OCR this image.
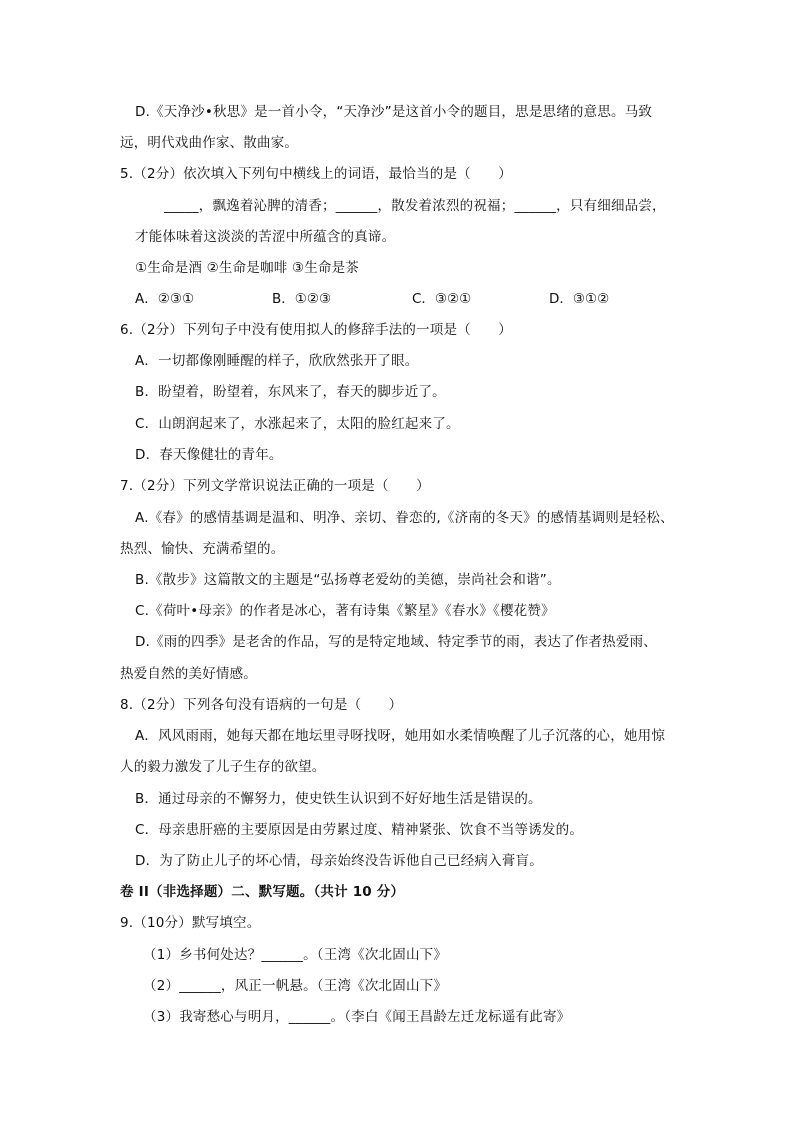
D.《天净沙•秋思》是一首小令，“天净沙”是这首小令的题目，思是思绪的意思。马致
远，明代戏曲作家、散曲家。
5.（2分）依次填入下列句中横线上的词语，最恰当的是（　　）
_____，飘逸着沁脾的清香；______，散发着浓烈的祝福；______，只有细细品尝，
才能体味着这淡淡的苦涩中所蕴含的真谛。
①生命是酒 ②生命是咖啡 ③生命是茶
A．②③①	B．①②③	C．③②①	D．③①②
6.（2分）下列句子中没有使用拟人的修辞手法的一项是（　　）
A．一切都像刚睡醒的样子，欣欣然张开了眼。
B．盼望着，盼望着，东风来了，春天的脚步近了。
C．山朗润起来了，水涨起来了，太阳的脸红起来了。
D．春天像健壮的青年。
7.（2分）下列文学常识说法正确的一项是（　　）
A.《春》的感情基调是温和、明净、亲切、眷恋的,《济南的冬天》的感情基调则是轻松、
热烈、愉快、充满希望的。
B.《散步》这篇散文的主题是“弘扬尊老爱幼的美德，崇尚社会和谐”。
C.《荷叶•母亲》的作者是冰心，著有诗集《繁星》《春水》《樱花赞》
D.《雨的四季》是老舍的作品，写的是特定地域、特定季节的雨，表达了作者热爱雨、
热爱自然的美好情感。
8.（2分）下列各句没有语病的一句是（　　）
A．风风雨雨，她每天都在地坛里寻呀找呀，她用如水柔情唤醒了儿子沉落的心，她用惊
人的毅力激发了儿子生存的欲望。
B．通过母亲的不懈努力，使史铁生认识到不好好地生活是错误的。
C．母亲患肝癌的主要原因是由劳累过度、精神紧张、饮食不当等诱发的。
D．为了防止儿子的坏心情，母亲始终没告诉他自己已经病入膏肓。
卷 II（非选择题）二、默写题。（共计 10 分）
9.（10分）默写填空。
（1）乡书何处达？______。（王湾《次北固山下》
（2）______，风正一帆悬。（王湾《次北固山下》
（3）我寄愁心与明月，______。（李白《闻王昌龄左迁龙标遥有此寄》
